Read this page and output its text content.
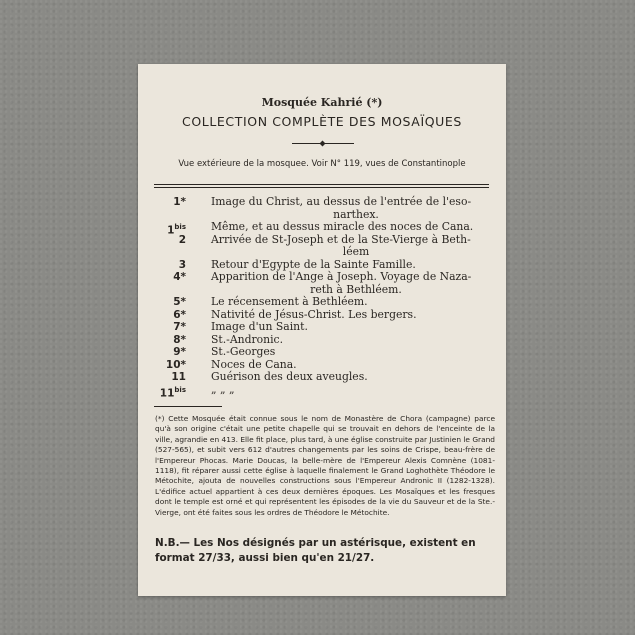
Mosquée Kahrié (*)
COLLECTION COMPLÈTE DES MOSAÏQUES
Vue extérieure de la mosquee. Voir N° 119, vues de Constantinople
1* Image du Christ, au dessus de l'entrée de l'eso-
narthex.
$1^{bis}$ Même, et au dessus miracle des noces de Cana.
2 Arrivée de St-Joseph et de la Ste-Vierge à Beth-
léem
3 Retour d'Egypte de la Sainte Famille.
4* Apparition de l'Ange à Joseph. Voyage de Naza-
reth à Bethléem.
5* Le récensement à Bethléem.
6* Nativité de Jésus-Christ. Les bergers.
7* Image d'un Saint.
8* St.-Andronic.
9* St.-Georges
10* Noces de Cana.
11 Guérison des deux aveugles.
$11^{bis}$ „ „ „
(*) Cette Mosquée était connue sous le nom de Monastère de Chora (campagne) parce qu'à son origine c'était une petite chapelle qui se trouvait en dehors de l'enceinte de la ville, agrandie en 413. Elle fit place, plus tard, à une église construite par Justinien le Grand (527-565), et subit vers 612 d'autres changements par les soins de Crispe, beau-frère de l'Empereur Phocas. Marie Doucas, la belle-mère de l'Empereur Alexis Comnène (1081-1118), fit réparer aussi cette église à laquelle finalement le Grand Loghothète Théodore le Métochite, ajouta de nouvelles constructions sous l'Empereur Andronic II (1282-1328). L'édifice actuel appartient à ces deux dernières époques. Les Mosaïques et les fresques dont le temple est orné et qui représentent les épisodes de la vie du Sauveur et de la Ste.-Vierge, ont été faites sous les ordres de Théodore le Métochite.
N.B.— Les Nos désignés par un astérisque, existent en format 27/33, aussi bien qu'en 21/27.
